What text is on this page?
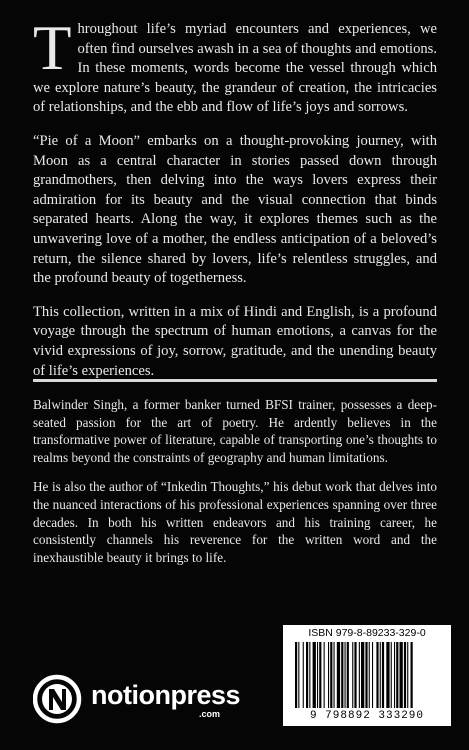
Throughout life’s myriad encounters and experiences, we often find ourselves awash in a sea of thoughts and emotions. In these moments, words become the vessel through which we explore nature’s beauty, the grandeur of creation, the intricacies of relationships, and the ebb and flow of life’s joys and sorrows.

“Pie of a Moon” embarks on a thought-provoking journey, with Moon as a central character in stories passed down through grandmothers, then delving into the ways lovers express their admiration for its beauty and the visual connection that binds separated hearts. Along the way, it explores themes such as the unwavering love of a mother, the endless anticipation of a beloved’s return, the silence shared by lovers, life’s relentless struggles, and the profound beauty of togetherness.

This collection, written in a mix of Hindi and English, is a profound voyage through the spectrum of human emotions, a canvas for the vivid expressions of joy, sorrow, gratitude, and the unending beauty of life’s experiences.

Balwinder Singh, a former banker turned BFSI trainer, possesses a deep-seated passion for the art of poetry. He ardently believes in the transformative power of literature, capable of transporting one’s thoughts to realms beyond the constraints of geography and human limitations.

He is also the author of “Inkedin Thoughts,” his debut work that delves into the nuanced interactions of his professional experiences spanning over three decades. In both his written endeavors and his training career, he consistently channels his reverence for the written word and the inexhaustible beauty it brings to life.

ISBN 979-8-89233-329-0
9 798892 333290
notionpress
.com
